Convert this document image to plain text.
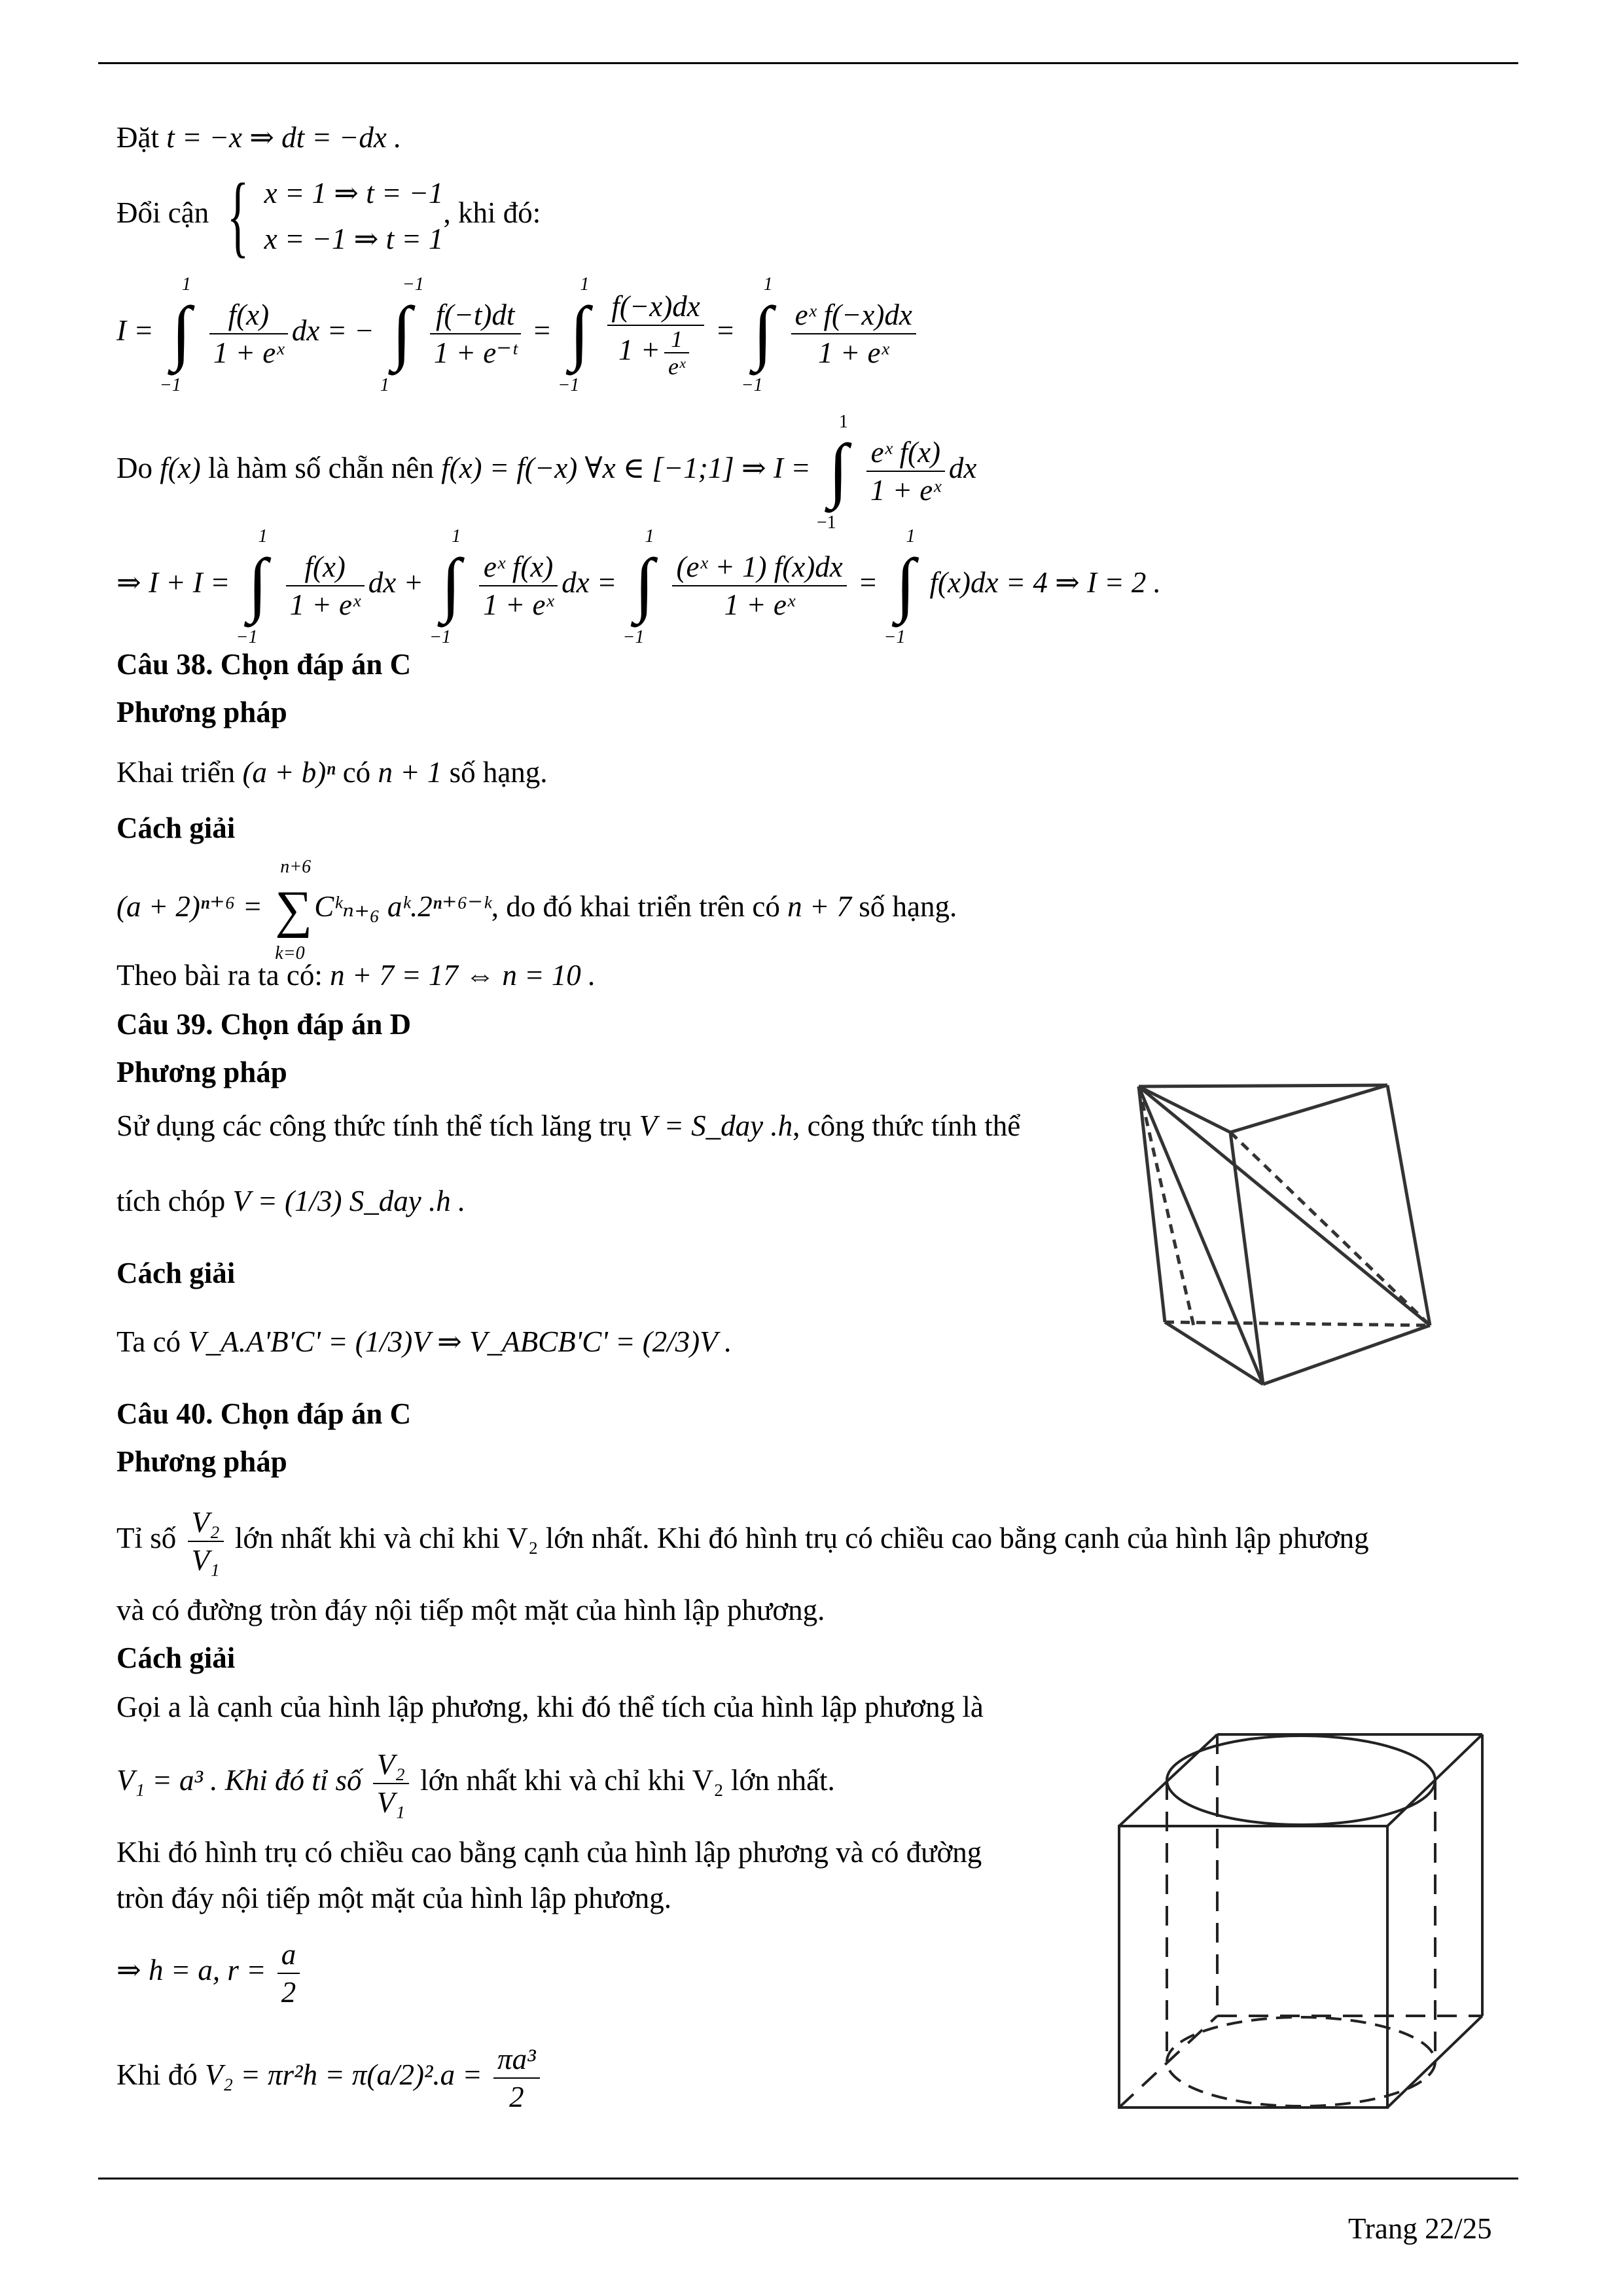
Đặt t = −x ⇒ dt = −dx .
Đổi cận { x = 1 ⇒ t = −1
x = −1 ⇒ t = 1
, khi đó:
I = ∫
1
−1
$\frac{f(x)}{\text{1 + eˣ}}$ dx = − ∫
−1
1
$\frac{f(-t)dt}{\text{1 + e⁻ᵗ}}$ = ∫
1
−1
$\frac{f(-x)dx}{1 + \frac{1}{\text{eˣ}}}$ = ∫
1
−1
$\frac{\text{eˣ f(−x)dx}}{\text{1 + eˣ}}$
Do f(x) là hàm số chẵn nên f(x) = f(−x) ∀x ∈ [−1;1] ⇒ I = ∫
1
−1
$\frac{\text{eˣ f(x)}}{\text{1 + eˣ}}$ dx
⇒ I + I = ∫
1
−1
$\frac{f(x)}{\text{1 + eˣ}}$ dx + ∫
1
−1
$\frac{\text{eˣ f(x)}}{\text{1 + eˣ}}$ dx = ∫
1
−1
$\frac{\text{(eˣ + 1) f(x)dx}}{\text{1 + eˣ}}$ = ∫
1
−1
f(x)dx = 4 ⇒ I = 2 .
Câu 38. Chọn đáp án C
Phương pháp
Khai triển (a + b)ⁿ có n + 1 số hạng.
Cách giải
(a + 2)ⁿ⁺⁶ = ∑
n+6
k=0
Cᵏₙ₊₆ aᵏ.2ⁿ⁺⁶⁻ᵏ, do đó khai triển trên có n + 7 số hạng.
Theo bài ra ta có: n + 7 = 17 ⇔ n = 10 .
Câu 39. Chọn đáp án D
Phương pháp
Sử dụng các công thức tính thể tích lăng trụ V = S_day .h, công thức tính thể
tích chóp V = (1/3) S_day .h .
Cách giải
Ta có V_A.A'B'C' = (1/3)V ⇒ V_ABCB'C' = (2/3)V .
Câu 40. Chọn đáp án C
Phương pháp
Tỉ số $\frac{\text{V₂}}{\text{V₁}}$ lớn nhất khi và chỉ khi V₂ lớn nhất. Khi đó hình trụ có chiều cao bằng cạnh của hình lập phương
và có đường tròn đáy nội tiếp một mặt của hình lập phương.
Cách giải
Gọi a là cạnh của hình lập phương, khi đó thể tích của hình lập phương là
V₁ = a³ . Khi đó tỉ số $\frac{\text{V₂}}{\text{V₁}}$ lớn nhất khi và chỉ khi V₂ lớn nhất.
Khi đó hình trụ có chiều cao bằng cạnh của hình lập phương và có đường
tròn đáy nội tiếp một mặt của hình lập phương.
⇒ h = a, $r = \frac{a}{2}$
Khi đó $V_2 = \pi r^2h = \pi(a/2)^2.a = \frac{\text{πa³}}{2}$
Trang 22/25
